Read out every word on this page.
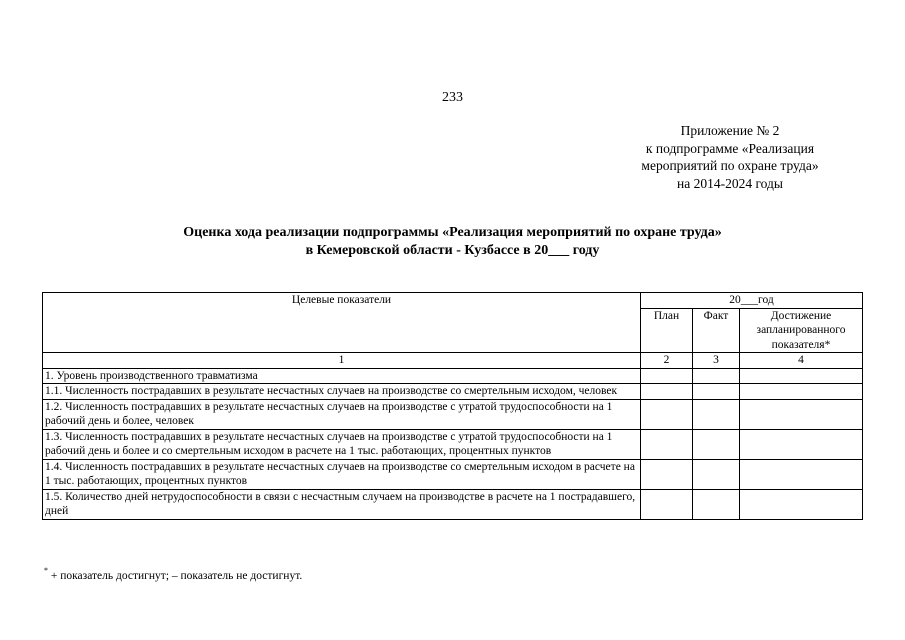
233
Приложение № 2
к подпрограмме «Реализация
мероприятий по охране труда»
на 2014-2024 годы
Оценка хода реализации подпрограммы «Реализация мероприятий по охране труда»
в Кемеровской области - Кузбассе в 20___ году
Целевые показатели	20___год		
	План	Факт	Достижение запланированного показателя*
1	2	3	4
1. Уровень производственного травматизма			
1.1. Численность пострадавших в результате несчастных случаев на производстве со смертельным исходом, человек			
1.2. Численность пострадавших в результате несчастных случаев на производстве с утратой трудоспособности на 1 рабочий день и более, человек			
1.3. Численность пострадавших в результате несчастных случаев на производстве с утратой трудоспособности на 1 рабочий день и более и со смертельным исходом в расчете на 1 тыс. работающих, процентных пунктов			
1.4. Численность пострадавших в результате несчастных случаев на производстве со смертельным исходом в расчете на 1 тыс. работающих, процентных пунктов			
1.5. Количество дней нетрудоспособности в связи с несчастным случаем на производстве в расчете на 1 пострадавшего, дней			
* + показатель достигнут; – показатель не достигнут.
